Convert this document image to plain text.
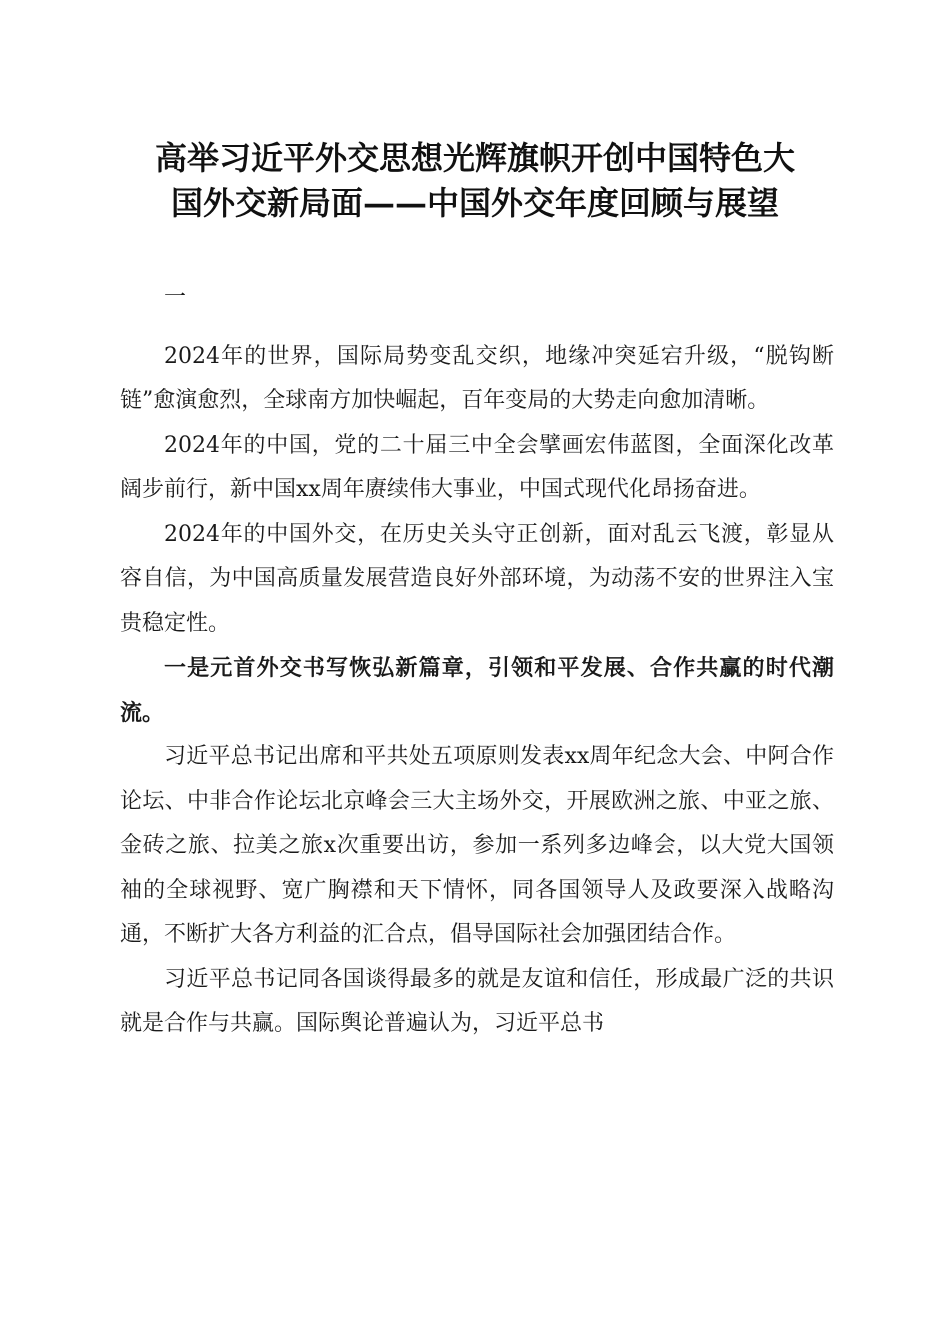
高举习近平外交思想光辉旗帜开创中国特色大
国外交新局面——中国外交年度回顾与展望

一

2024年的世界，国际局势变乱交织，地缘冲突延宕升级，“脱钩断链”愈演愈烈，全球南方加快崛起，百年变局的大势走向愈加清晰。

2024年的中国，党的二十届三中全会擘画宏伟蓝图，全面深化改革阔步前行，新中国xx周年赓续伟大事业，中国式现代化昂扬奋进。

2024年的中国外交，在历史关头守正创新，面对乱云飞渡，彰显从容自信，为中国高质量发展营造良好外部环境，为动荡不安的世界注入宝贵稳定性。

一是元首外交书写恢弘新篇章，引领和平发展、合作共赢的时代潮流。

习近平总书记出席和平共处五项原则发表xx周年纪念大会、中阿合作论坛、中非合作论坛北京峰会三大主场外交，开展欧洲之旅、中亚之旅、金砖之旅、拉美之旅x次重要出访，参加一系列多边峰会，以大党大国领袖的全球视野、宽广胸襟和天下情怀，同各国领导人及政要深入战略沟通，不断扩大各方利益的汇合点，倡导国际社会加强团结合作。

习近平总书记同各国谈得最多的就是友谊和信任，形成最广泛的共识就是合作与共赢。国际舆论普遍认为，习近平总书
